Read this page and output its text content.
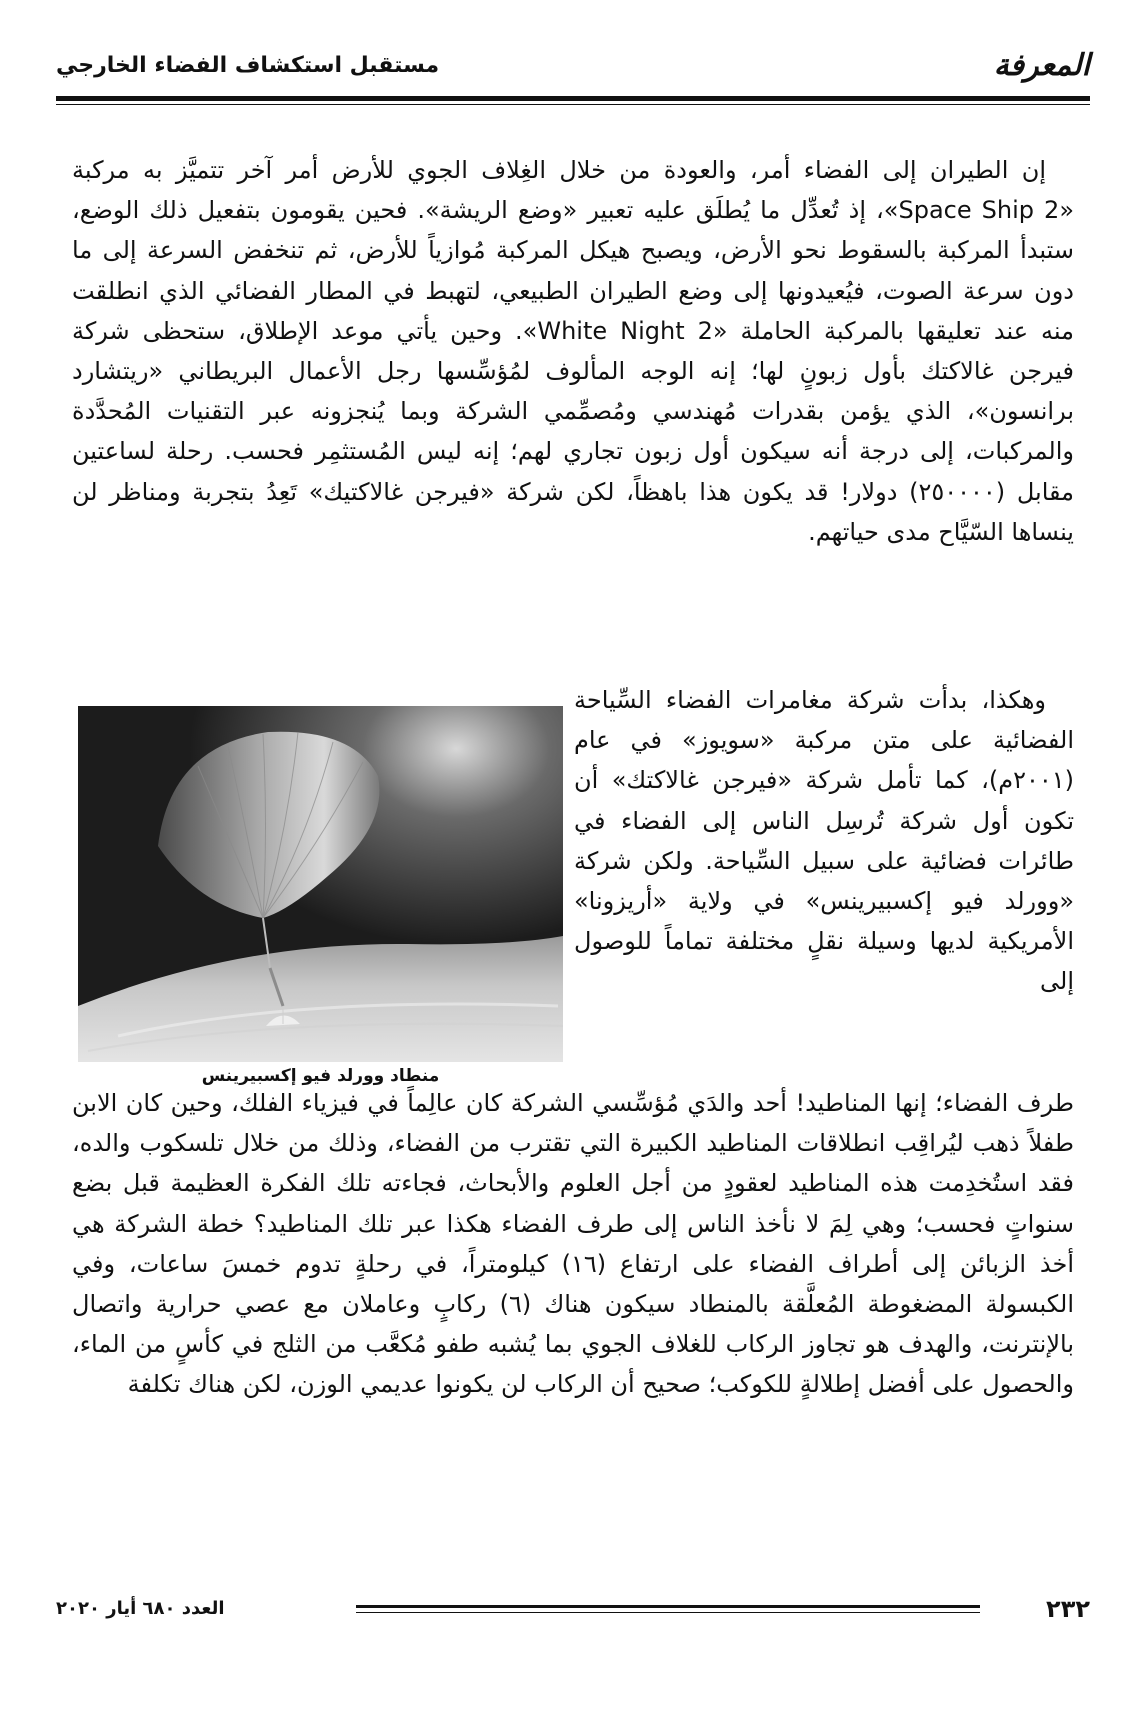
المعرفة
مستقبل استكشاف الفضاء الخارجي

إن الطيران إلى الفضاء أمر، والعودة من خلال الغِلاف الجوي للأرض أمر آخر تتميَّز به مركبة «Space Ship 2»، إذ تُعدِّل ما يُطلَق عليه تعبير «وضع الريشة». فحين يقومون بتفعيل ذلك الوضع، ستبدأ المركبة بالسقوط نحو الأرض، ويصبح هيكل المركبة مُوازياً للأرض، ثم تنخفض السرعة إلى ما دون سرعة الصوت، فيُعيدونها إلى وضع الطيران الطبيعي، لتهبط في المطار الفضائي الذي انطلقت منه عند تعليقها بالمركبة الحاملة «White Night 2». وحين يأتي موعد الإطلاق، ستحظى شركة فيرجن غالاكتك بأول زبونٍ لها؛ إنه الوجه المألوف لمُؤسِّسها رجل الأعمال البريطاني «ريتشارد برانسون»، الذي يؤمن بقدرات مُهندسي ومُصمِّمي الشركة وبما يُنجزونه عبر التقنيات المُحدَّدة والمركبات، إلى درجة أنه سيكون أول زبون تجاري لهم؛ إنه ليس المُستثمِر فحسب. رحلة لساعتين مقابل (٢٥٠٠٠٠) دولار! قد يكون هذا باهظاً، لكن شركة «فيرجن غالاكتيك» تَعِدُ بتجربة ومناظر لن ينساها السّيَّاح مدى حياتهم.

منطاد وورلد فيو إكسبيرينس

وهكذا، بدأت شركة مغامرات الفضاء السِّياحة الفضائية على متن مركبة «سويوز» في عام (٢٠٠١م)، كما تأمل شركة «فيرجن غالاكتك» أن تكون أول شركة تُرسِل الناس إلى الفضاء في طائرات فضائية على سبيل السِّياحة. ولكن شركة «وورلد فيو إكسبيرينس» في ولاية «أريزونا» الأمريكية لديها وسيلة نقلٍ مختلفة تماماً للوصول إلى

طرف الفضاء؛ إنها المناطيد! أحد والدَي مُؤسِّسي الشركة كان عالِماً في فيزياء الفلك، وحين كان الابن طفلاً ذهب ليُراقِب انطلاقات المناطيد الكبيرة التي تقترب من الفضاء، وذلك من خلال تلسكوب والده، فقد استُخدِمت هذه المناطيد لعقودٍ من أجل العلوم والأبحاث، فجاءته تلك الفكرة العظيمة قبل بضع سنواتٍ فحسب؛ وهي لِمَ لا نأخذ الناس إلى طرف الفضاء هكذا عبر تلك المناطيد؟ خطة الشركة هي أخذ الزبائن إلى أطراف الفضاء على ارتفاع (١٦) كيلومتراً، في رحلةٍ تدوم خمسَ ساعات، وفي الكبسولة المضغوطة المُعلَّقة بالمنطاد سيكون هناك (٦) ركابٍ وعاملان مع عصي حرارية واتصال بالإنترنت، والهدف هو تجاوز الركاب للغلاف الجوي بما يُشبه طفو مُكعَّب من الثلج في كأسٍ من الماء، والحصول على أفضل إطلالةٍ للكوكب؛ صحيح أن الركاب لن يكونوا عديمي الوزن، لكن هناك تكلفة

٢٣٢
العدد ٦٨٠ أيار ٢٠٢٠
